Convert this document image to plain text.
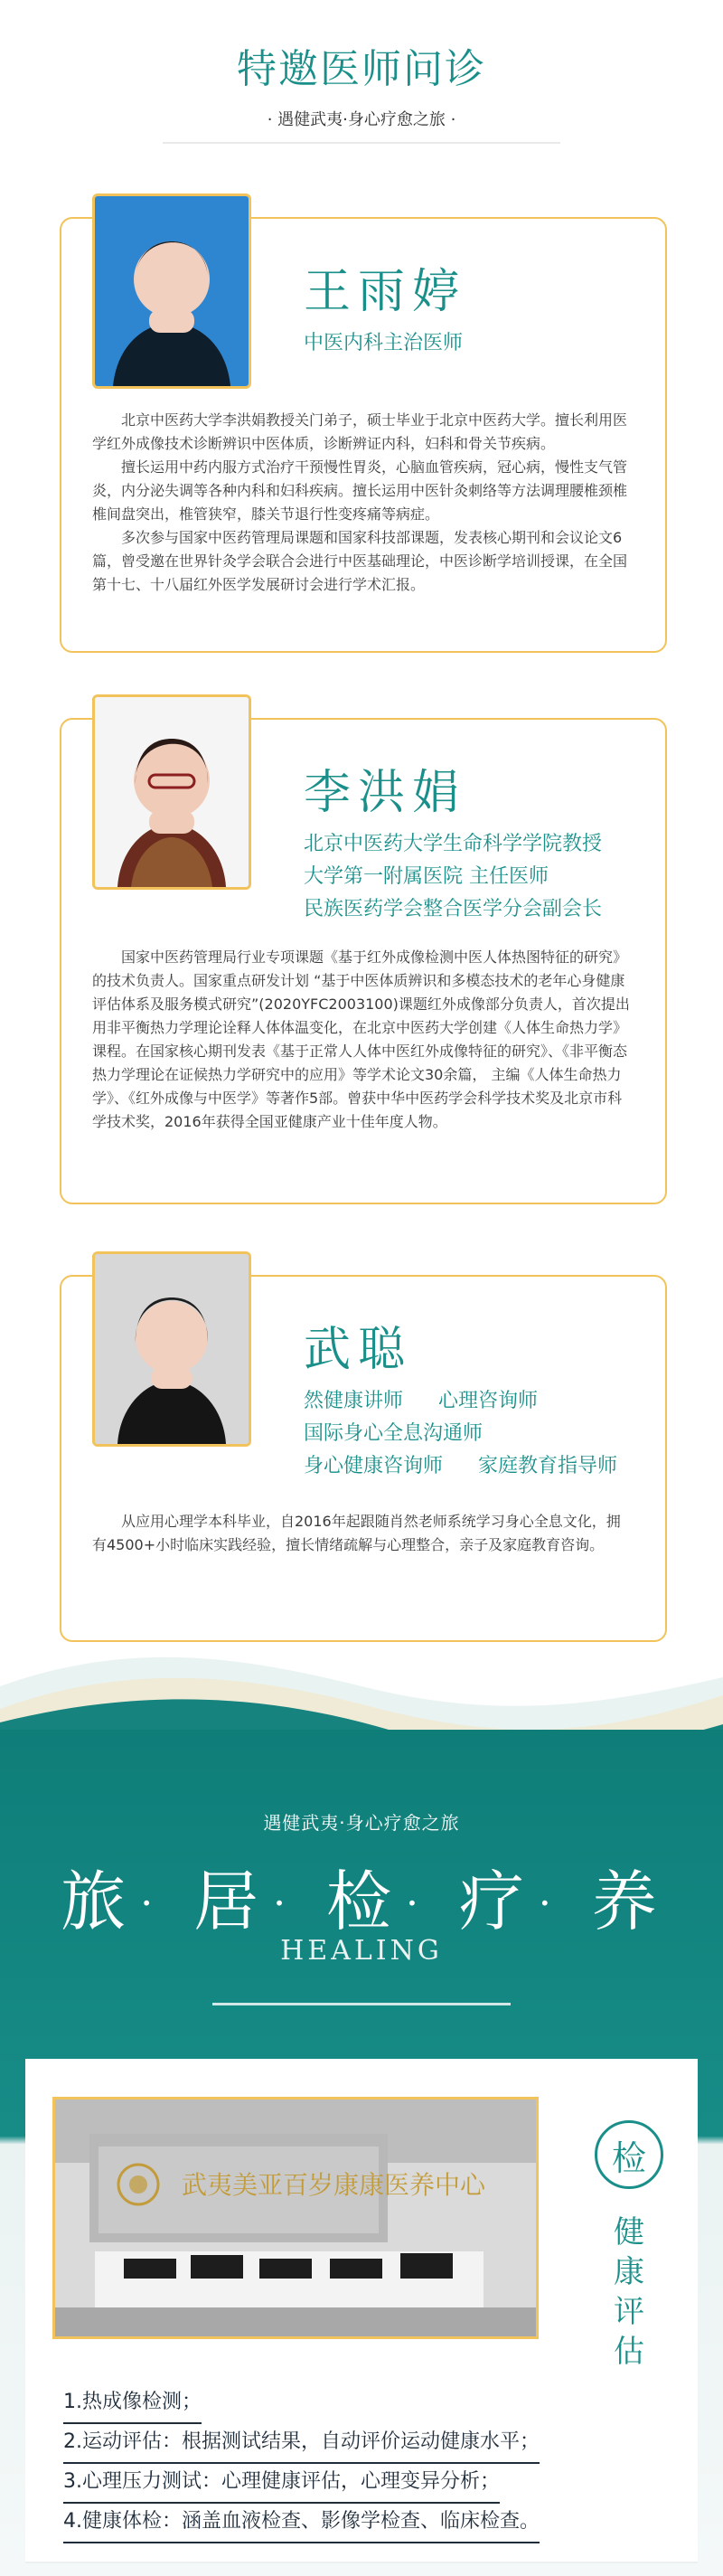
特邀医师问诊
· 遇健武夷·身心疗愈之旅 ·
王雨婷
中医内科主治医师

北京中医药大学李洪娟教授关门弟子，硕士毕业于北京中医药大学。擅长利用医学红外成像技术诊断辨识中医体质，诊断辨证内科，妇科和骨关节疾病。

擅长运用中药内服方式治疗干预慢性胃炎，心脑血管疾病，冠心病，慢性支气管炎，内分泌失调等各种内科和妇科疾病。擅长运用中医针灸刺络等方法调理腰椎颈椎椎间盘突出，椎管狭窄，膝关节退行性变疼痛等病症。

多次参与国家中医药管理局课题和国家科技部课题，发表核心期刊和会议论文6篇，曾受邀在世界针灸学会联合会进行中医基础理论，中医诊断学培训授课，在全国第十七、十八届红外医学发展研讨会进行学术汇报。

李洪娟
北京中医药大学生命科学学院教授
大学第一附属医院 主任医师
民族医药学会整合医学分会副会长

国家中医药管理局行业专项课题《基于红外成像检测中医人体热图特征的研究》的技术负责人。国家重点研发计划 “基于中医体质辨识和多模态技术的老年心身健康评估体系及服务模式研究”(2020YFC2003100)课题红外成像部分负责人，首次提出用非平衡热力学理论诠释人体体温变化，在北京中医药大学创建《人体生命热力学》课程。在国家核心期刊发表《基于正常人人体中医红外成像特征的研究》、《非平衡态热力学理论在证候热力学研究中的应用》等学术论文30余篇， 主编《人体生命热力学》、《红外成像与中医学》等著作5部。曾获中华中医药学会科学技术奖及北京市科学技术奖，2016年获得全国亚健康产业十佳年度人物。

武聪
然健康讲师 心理咨询师
国际身心全息沟通师
身心健康咨询师 家庭教育指导师

从应用心理学本科毕业，自2016年起跟随肖然老师系统学习身心全息文化，拥有4500+小时临床实践经验，擅长情绪疏解与心理整合，亲子及家庭教育咨询。

遇健武夷·身心疗愈之旅
旅 · 居 · 检 · 疗 · 养
HEALING
武夷美亚百岁康康医养中心
检
健
康
评
估
1.热成像检测；
2.运动评估：根据测试结果，自动评价运动健康水平；
3.心理压力测试：心理健康评估，心理变异分析；
4.健康体检：涵盖血液检查、影像学检查、临床检查。
